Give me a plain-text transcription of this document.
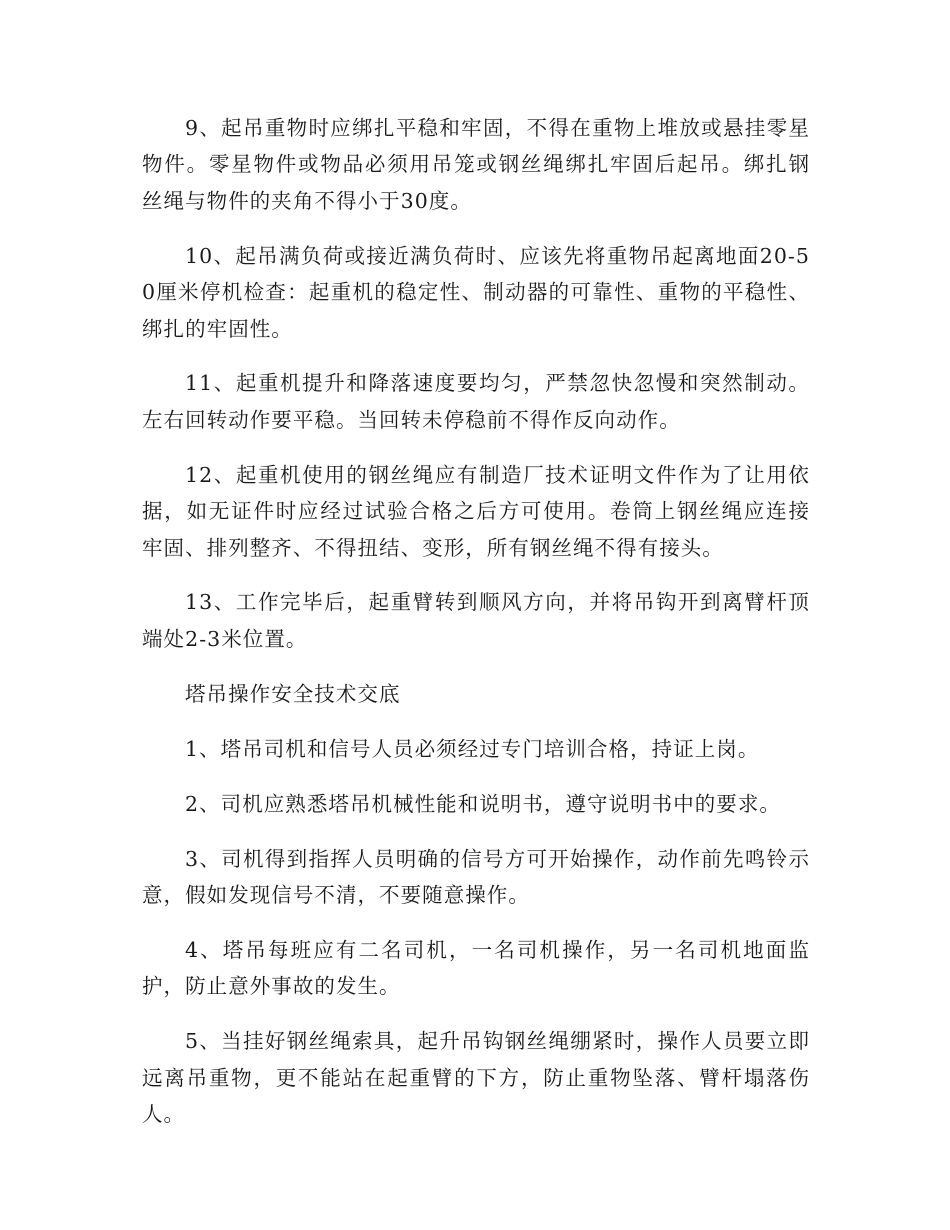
9、起吊重物时应绑扎平稳和牢固，不得在重物上堆放或悬挂零星物件。零星物件或物品必须用吊笼或钢丝绳绑扎牢固后起吊。绑扎钢丝绳与物件的夹角不得小于30度。

10、起吊满负荷或接近满负荷时、应该先将重物吊起离地面20-50厘米停机检查：起重机的稳定性、制动器的可靠性、重物的平稳性、绑扎的牢固性。

11、起重机提升和降落速度要均匀，严禁忽快忽慢和突然制动。左右回转动作要平稳。当回转未停稳前不得作反向动作。

12、起重机使用的钢丝绳应有制造厂技术证明文件作为了让用依据，如无证件时应经过试验合格之后方可使用。卷筒上钢丝绳应连接牢固、排列整齐、不得扭结、变形，所有钢丝绳不得有接头。

13、工作完毕后，起重臂转到顺风方向，并将吊钩开到离臂杆顶端处2-3米位置。

塔吊操作安全技术交底

1、塔吊司机和信号人员必须经过专门培训合格，持证上岗。

2、司机应熟悉塔吊机械性能和说明书，遵守说明书中的要求。

3、司机得到指挥人员明确的信号方可开始操作，动作前先鸣铃示意，假如发现信号不清，不要随意操作。

4、塔吊每班应有二名司机，一名司机操作，另一名司机地面监护，防止意外事故的发生。

5、当挂好钢丝绳索具，起升吊钩钢丝绳绷紧时，操作人员要立即远离吊重物，更不能站在起重臂的下方，防止重物坠落、臂杆塌落伤人。
